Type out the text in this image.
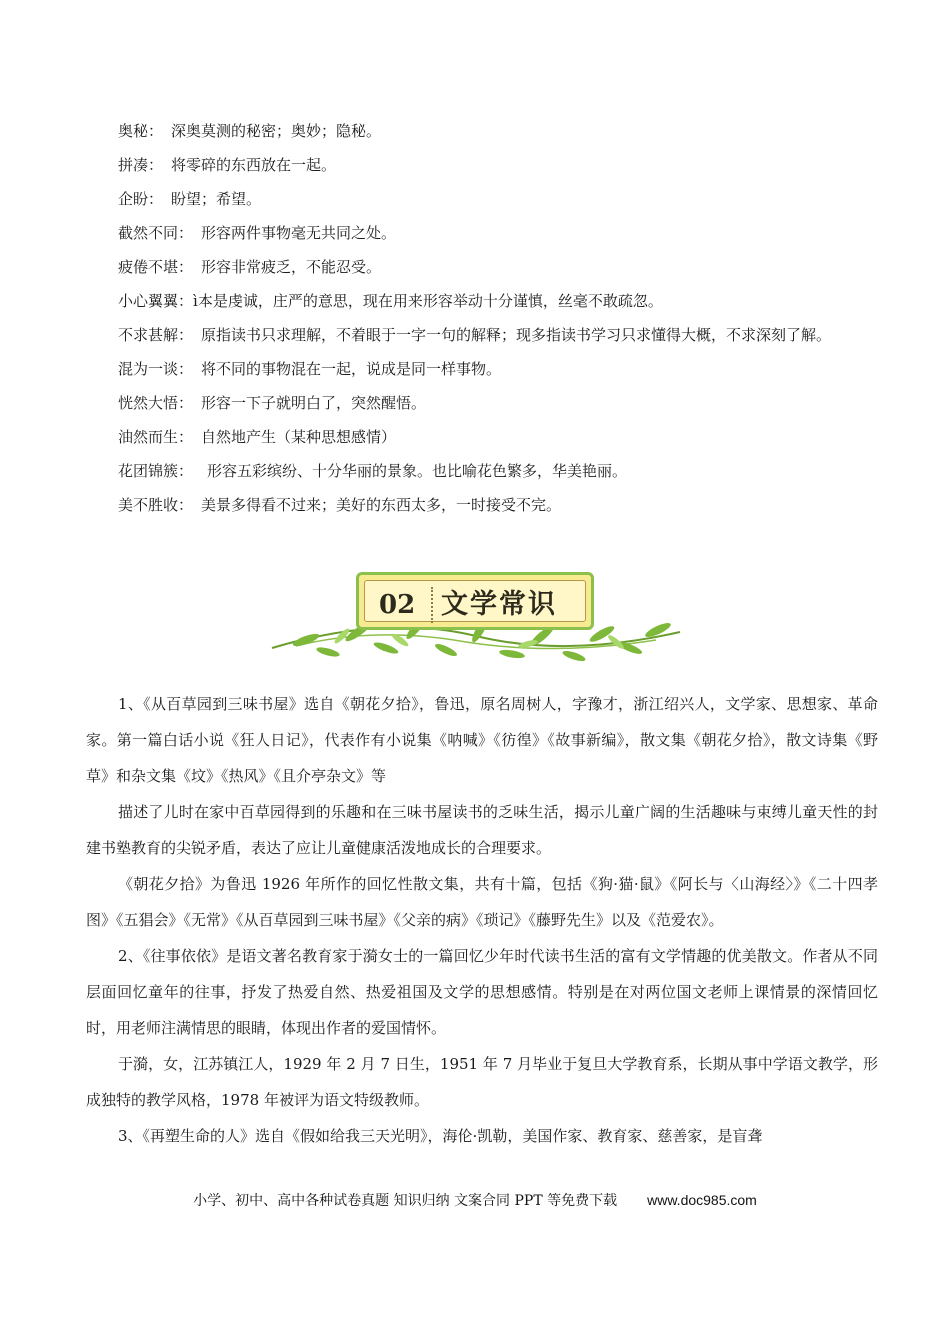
奥秘： 深奥莫测的秘密；奥妙；隐秘。
拼凑： 将零碎的东西放在一起。
企盼： 盼望；希望。
截然不同： 形容两件事物毫无共同之处。
疲倦不堪： 形容非常疲乏，不能忍受。
小心翼翼：ì本是虔诚，庄严的意思，现在用来形容举动十分谨慎，丝毫不敢疏忽。
不求甚解： 原指读书只求理解，不着眼于一字一句的解释；现多指读书学习只求懂得大概，不求深刻了解。
混为一谈： 将不同的事物混在一起，说成是同一样事物。
恍然大悟： 形容一下子就明白了，突然醒悟。
油然而生： 自然地产生（某种思想感情）
花团锦簇： 形容五彩缤纷、十分华丽的景象。也比喻花色繁多，华美艳丽。
美不胜收： 美景多得看不过来；美好的东西太多，一时接受不完。
02 文学常识

1、《从百草园到三味书屋》选自《朝花夕拾》，鲁迅，原名周树人，字豫才，浙江绍兴人，文学家、思想家、革命家。第一篇白话小说《狂人日记》，代表作有小说集《呐喊》《彷徨》《故事新编》，散文集《朝花夕拾》，散文诗集《野草》和杂文集《坟》《热风》《且介亭杂文》等

描述了儿时在家中百草园得到的乐趣和在三味书屋读书的乏味生活，揭示儿童广阔的生活趣味与束缚儿童天性的封建书塾教育的尖锐矛盾，表达了应让儿童健康活泼地成长的合理要求。

《朝花夕拾》为鲁迅 1926 年所作的回忆性散文集，共有十篇，包括《狗·猫·鼠》《阿长与〈山海经〉》《二十四孝图》《五猖会》《无常》《从百草园到三味书屋》《父亲的病》《琐记》《藤野先生》以及《范爱农》。

2、《往事依依》是语文著名教育家于漪女士的一篇回忆少年时代读书生活的富有文学情趣的优美散文。作者从不同层面回忆童年的往事，抒发了热爱自然、热爱祖国及文学的思想感情。特别是在对两位国文老师上课情景的深情回忆时，用老师注满情思的眼睛，体现出作者的爱国情怀。

于漪，女，江苏镇江人，1929 年 2 月 7 日生，1951 年 7 月毕业于复旦大学教育系，长期从事中学语文教学，形成独特的教学风格，1978 年被评为语文特级教师。

3、《再塑生命的人》选自《假如给我三天光明》，海伦·凯勒，美国作家、教育家、慈善家，是盲聋

小学、初中、高中各种试卷真题 知识归纳 文案合同 PPT 等免费下载 www.doc985.com
